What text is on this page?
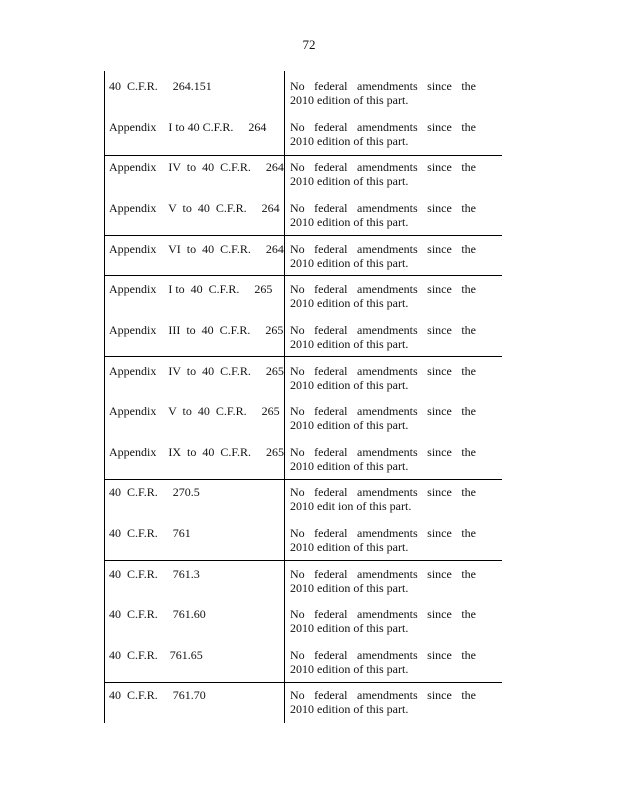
72
40  C.F.R.     264.151	No federal amendments since the 2010 edition of this part.
Appendix    I to 40 C.F.R.     264 No federal amendments since the 2010 edition of this part.
Appendix    IV  to  40  C.F.R.     264 No federal amendments since the 2010 edition of this part.
Appendix    V  to  40  C.F.R.     264 No federal amendments since the 2010 edition of this part.
Appendix    VI  to  40  C.F.R.     264 No federal amendments since the 2010 edition of this part.
Appendix    I to  40  C.F.R.     265 No federal amendments since the 2010 edition of this part.
Appendix    III  to  40  C.F.R.     265 No federal amendments since the 2010 edition of this part.
Appendix    IV  to  40  C.F.R.     265 No federal amendments since the 2010 edition of this part.
Appendix    V  to  40  C.F.R.     265 No federal amendments since the 2010 edition of this part.
Appendix    IX  to  40  C.F.R.     265 No federal amendments since the 2010 edition of this part.
40  C.F.R.     270.5	No federal amendments since the 2010 edit ion of this part.
40  C.F.R.     761	No federal amendments since the 2010 edition of this part.
40  C.F.R.     761.3	No federal amendments since the 2010 edition of this part.
40  C.F.R.     761.60	No federal amendments since the 2010 edition of this part.
40  C.F.R.    761.65	No federal amendments since the 2010 edition of this part.
40  C.F.R.     761.70	No federal amendments since the 2010 edition of this part.
